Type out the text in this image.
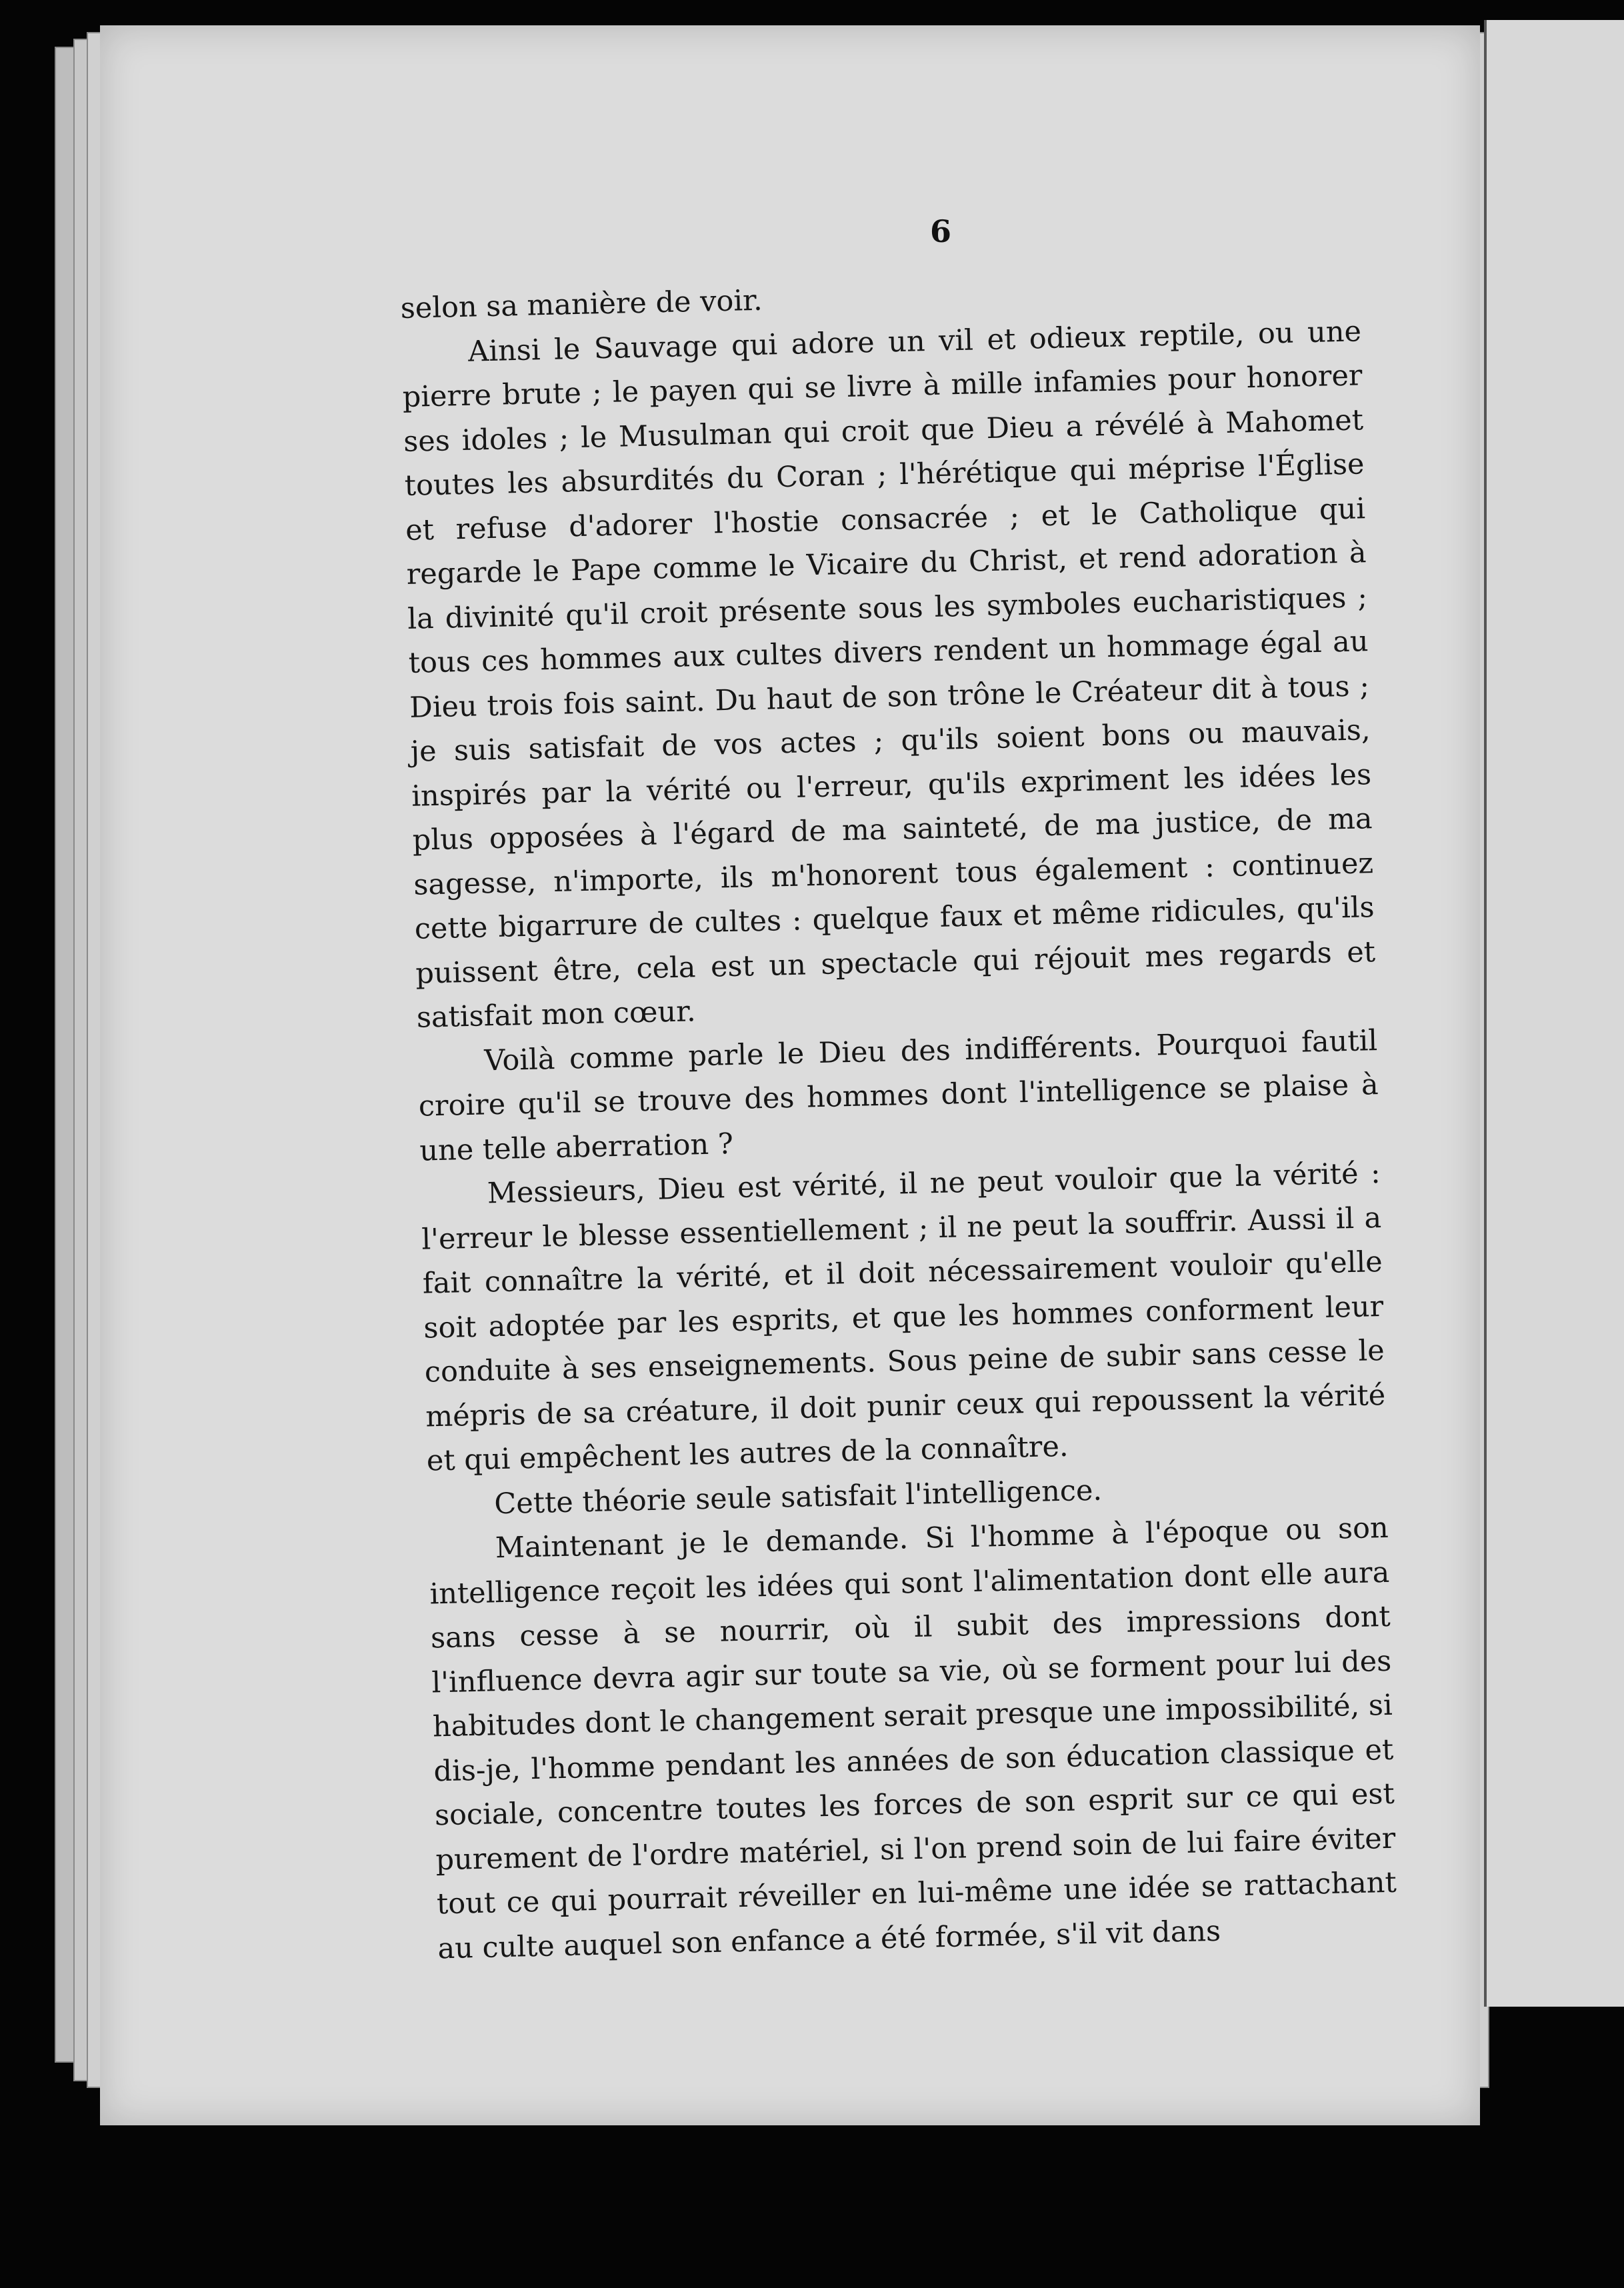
6

selon sa manière de voir.

Ainsi le Sauvage qui adore un vil et odieux reptile, ou une pierre brute ; le payen qui se livre à mille infamies pour honorer ses idoles ; le Musulman qui croit que Dieu a révélé à Mahomet toutes les absurdités du Coran ; l'hérétique qui méprise l'Église et refuse d'adorer l'hostie consacrée ; et le Catholique qui regarde le Pape comme le Vicaire du Christ, et rend adoration à la divinité qu'il croit présente sous les symboles eucharistiques ; tous ces hommes aux cultes divers rendent un hommage égal au Dieu trois fois saint. Du haut de son trône le Créateur dit à tous ; je suis satisfait de vos actes ; qu'ils soient bons ou mauvais, inspirés par la vérité ou l'erreur, qu'ils expriment les idées les plus opposées à l'égard de ma sainteté, de ma justice, de ma sagesse, n'importe, ils m'honorent tous également : continuez cette bigarrure de cultes : quelque faux et même ridicules, qu'ils puissent être, cela est un spectacle qui réjouit mes regards et satisfait mon cœur.

Voilà comme parle le Dieu des indifférents. Pourquoi fautil croire qu'il se trouve des hommes dont l'intelligence se plaise à une telle aberration ?

Messieurs, Dieu est vérité, il ne peut vouloir que la vérité : l'erreur le blesse essentiellement ; il ne peut la souffrir. Aussi il a fait connaître la vérité, et il doit nécessairement vouloir qu'elle soit adoptée par les esprits, et que les hommes conforment leur conduite à ses enseignements. Sous peine de subir sans cesse le mépris de sa créature, il doit punir ceux qui repoussent la vérité et qui empêchent les autres de la connaître.

Cette théorie seule satisfait l'intelligence.

Maintenant je le demande. Si l'homme à l'époque ou son intelligence reçoit les idées qui sont l'alimentation dont elle aura sans cesse à se nourrir, où il subit des impressions dont l'influence devra agir sur toute sa vie, où se forment pour lui des habitudes dont le changement serait presque une impossibilité, si dis-je, l'homme pendant les années de son éducation classique et sociale, concentre toutes les forces de son esprit sur ce qui est purement de l'ordre matériel, si l'on prend soin de lui faire éviter tout ce qui pourrait réveiller en lui-même une idée se rattachant au culte auquel son enfance a été formée, s'il vit dans
